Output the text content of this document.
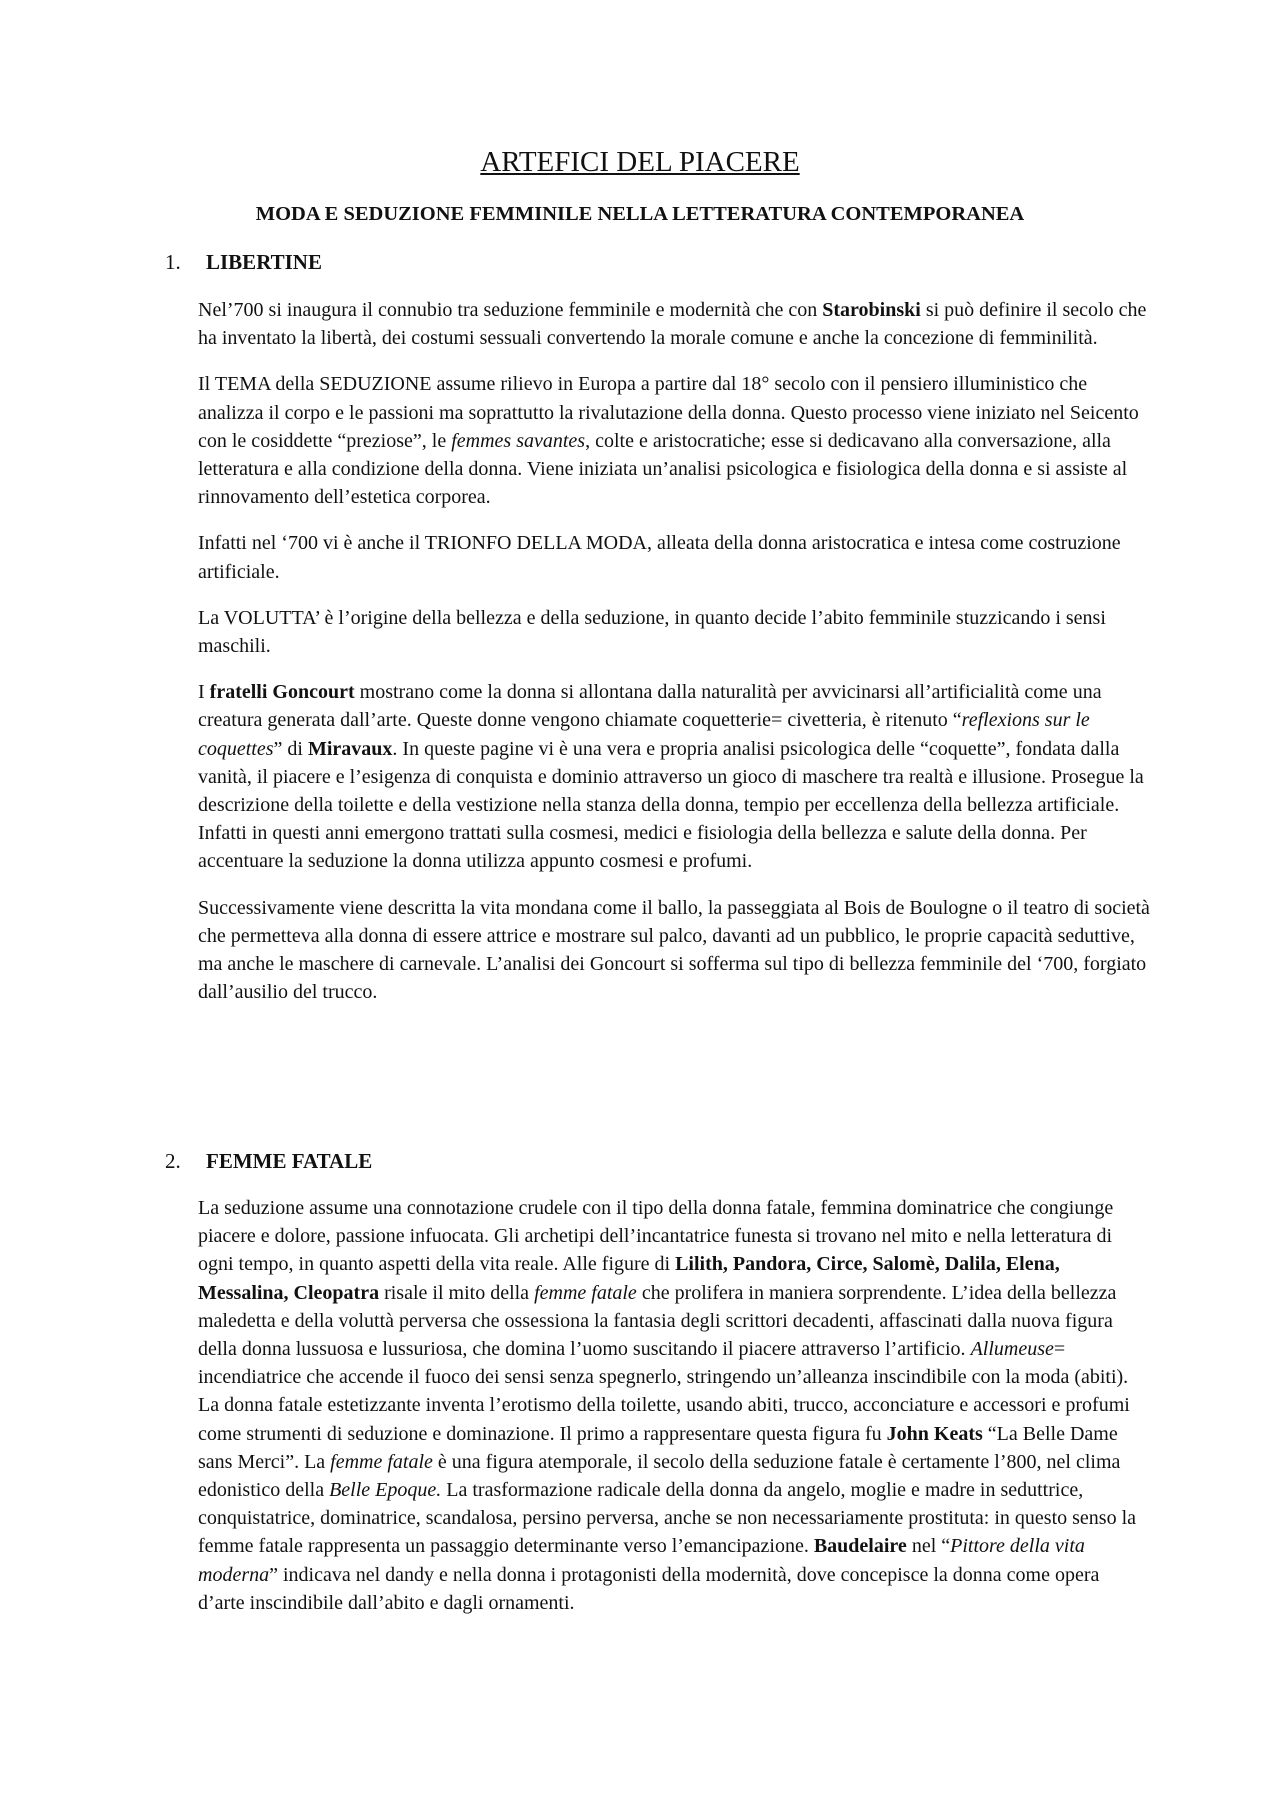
ARTEFICI DEL PIACERE
MODA E SEDUZIONE FEMMINILE NELLA LETTERATURA CONTEMPORANEA
1. LIBERTINE

Nel’700 si inaugura il connubio tra seduzione femminile e modernità che con Starobinski si può definire il secolo che ha inventato la libertà, dei costumi sessuali convertendo la morale comune e anche la concezione di femminilità.

Il TEMA della SEDUZIONE assume rilievo in Europa a partire dal 18° secolo con il pensiero illuministico che analizza il corpo e le passioni ma soprattutto la rivalutazione della donna. Questo processo viene iniziato nel Seicento con le cosiddette “preziose”, le femmes savantes, colte e aristocratiche; esse si dedicavano alla conversazione, alla letteratura e alla condizione della donna. Viene iniziata un’analisi psicologica e fisiologica della donna e si assiste al rinnovamento dell’estetica corporea.

Infatti nel ‘700 vi è anche il TRIONFO DELLA MODA, alleata della donna aristocratica e intesa come costruzione artificiale.

La VOLUTTA’ è l’origine della bellezza e della seduzione, in quanto decide l’abito femminile stuzzicando i sensi maschili.

I fratelli Goncourt mostrano come la donna si allontana dalla naturalità per avvicinarsi all’artificialità come una creatura generata dall’arte. Queste donne vengono chiamate coquetterie= civetteria, è ritenuto “reflexions sur le coquettes” di Miravaux. In queste pagine vi è una vera e propria analisi psicologica delle “coquette”, fondata dalla vanità, il piacere e l’esigenza di conquista e dominio attraverso un gioco di maschere tra realtà e illusione. Prosegue la descrizione della toilette e della vestizione nella stanza della donna, tempio per eccellenza della bellezza artificiale. Infatti in questi anni emergono trattati sulla cosmesi, medici e fisiologia della bellezza e salute della donna. Per accentuare la seduzione la donna utilizza appunto cosmesi e profumi.

Successivamente viene descritta la vita mondana come il ballo, la passeggiata al Bois de Boulogne o il teatro di società che permetteva alla donna di essere attrice e mostrare sul palco, davanti ad un pubblico, le proprie capacità seduttive, ma anche le maschere di carnevale. L’analisi dei Goncourt si sofferma sul tipo di bellezza femminile del ‘700, forgiato dall’ausilio del trucco.

2. FEMME FATALE

La seduzione assume una connotazione crudele con il tipo della donna fatale, femmina dominatrice che congiunge piacere e dolore, passione infuocata. Gli archetipi dell’incantatrice funesta si trovano nel mito e nella letteratura di ogni tempo, in quanto aspetti della vita reale. Alle figure di Lilith, Pandora, Circe, Salomè, Dalila, Elena, Messalina, Cleopatra risale il mito della femme fatale che prolifera in maniera sorprendente. L’idea della bellezza maledetta e della voluttà perversa che ossessiona la fantasia degli scrittori decadenti, affascinati dalla nuova figura della donna lussuosa e lussuriosa, che domina l’uomo suscitando il piacere attraverso l’artificio. Allumeuse= incendiatrice che accende il fuoco dei sensi senza spegnerlo, stringendo un’alleanza inscindibile con la moda (abiti). La donna fatale estetizzante inventa l’erotismo della toilette, usando abiti, trucco, acconciature e accessori e profumi come strumenti di seduzione e dominazione. Il primo a rappresentare questa figura fu John Keats “La Belle Dame sans Merci”. La femme fatale è una figura atemporale, il secolo della seduzione fatale è certamente l’800, nel clima edonistico della Belle Epoque. La trasformazione radicale della donna da angelo, moglie e madre in seduttrice, conquistatrice, dominatrice, scandalosa, persino perversa, anche se non necessariamente prostituta: in questo senso la femme fatale rappresenta un passaggio determinante verso l’emancipazione. Baudelaire nel “Pittore della vita moderna” indicava nel dandy e nella donna i protagonisti della modernità, dove concepisce la donna come opera d’arte inscindibile dall’abito e dagli ornamenti.
